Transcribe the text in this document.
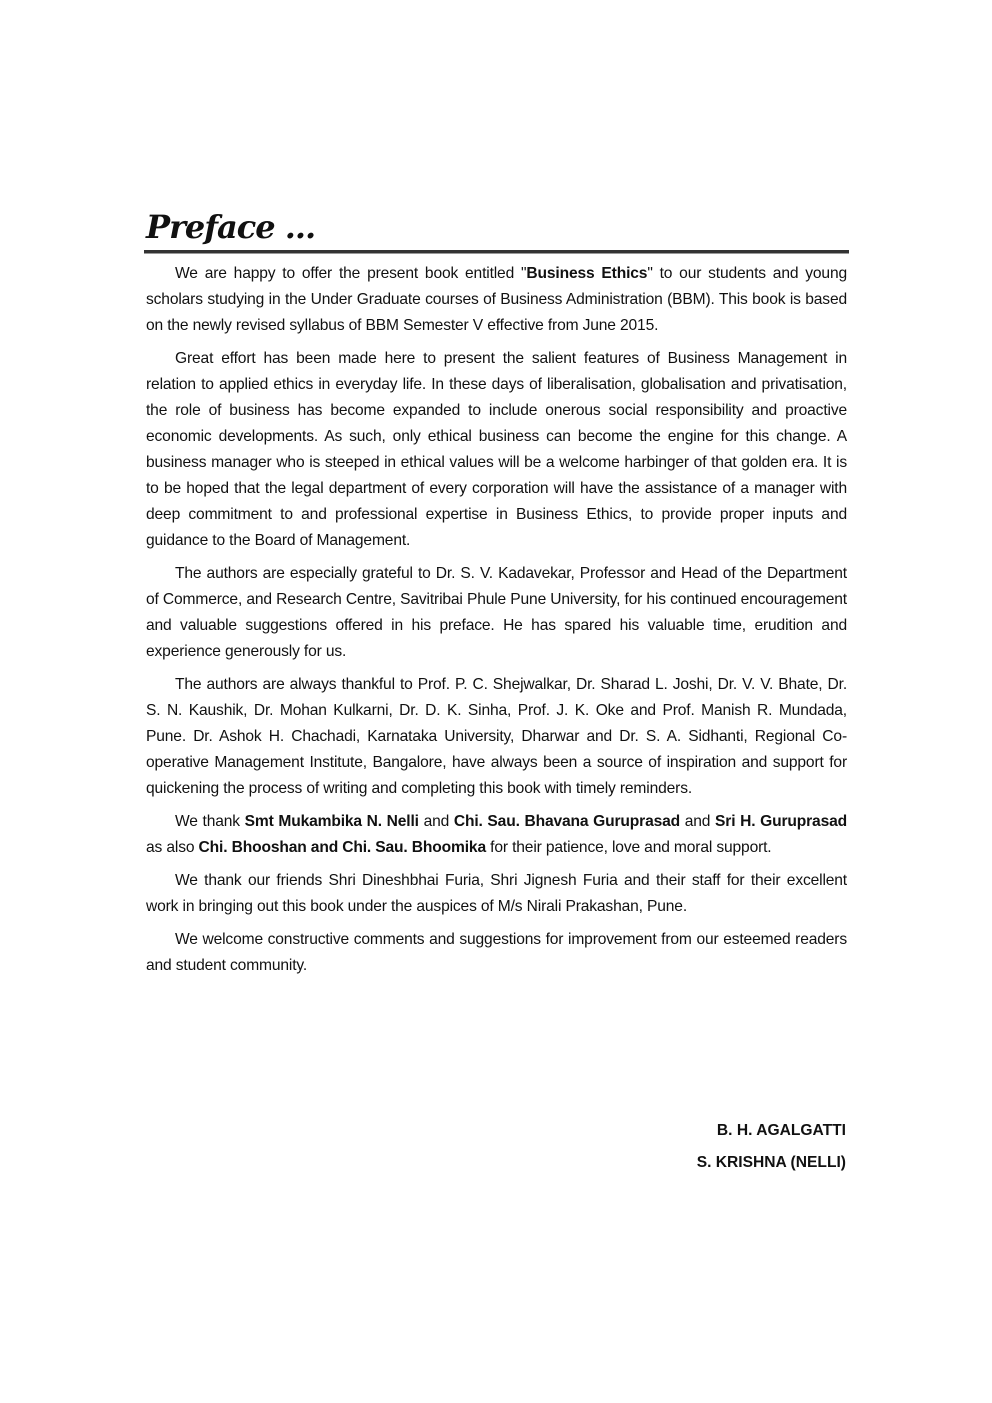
Preface ...

We are happy to offer the present book entitled "Business Ethics" to our students and young scholars studying in the Under Graduate courses of Business Administration (BBM). This book is based on the newly revised syllabus of BBM Semester V effective from June 2015.

Great effort has been made here to present the salient features of Business Management in relation to applied ethics in everyday life. In these days of liberalisation, globalisation and privatisation, the role of business has become expanded to include onerous social responsibility and proactive economic developments. As such, only ethical business can become the engine for this change. A business manager who is steeped in ethical values will be a welcome harbinger of that golden era. It is to be hoped that the legal department of every corporation will have the assistance of a manager with deep commitment to and professional expertise in Business Ethics, to provide proper inputs and guidance to the Board of Management.

The authors are especially grateful to Dr. S. V. Kadavekar, Professor and Head of the Department of Commerce, and Research Centre, Savitribai Phule Pune University, for his continued encouragement and valuable suggestions offered in his preface. He has spared his valuable time, erudition and experience generously for us.

The authors are always thankful to Prof. P. C. Shejwalkar, Dr. Sharad L. Joshi, Dr. V. V. Bhate, Dr. S. N. Kaushik, Dr. Mohan Kulkarni, Dr. D. K. Sinha, Prof. J. K. Oke and Prof. Manish R. Mundada, Pune. Dr. Ashok H. Chachadi, Karnataka University, Dharwar and Dr. S. A. Sidhanti, Regional Co-operative Management Institute, Bangalore, have always been a source of inspiration and support for quickening the process of writing and completing this book with timely reminders.

We thank Smt Mukambika N. Nelli and Chi. Sau. Bhavana Guruprasad and Sri H. Guruprasad as also Chi. Bhooshan and Chi. Sau. Bhoomika for their patience, love and moral support.

We thank our friends Shri Dineshbhai Furia, Shri Jignesh Furia and their staff for their excellent work in bringing out this book under the auspices of M/s Nirali Prakashan, Pune.

We welcome constructive comments and suggestions for improvement from our esteemed readers and student community.

B. H. AGALGATTI
S. KRISHNA (NELLI)
